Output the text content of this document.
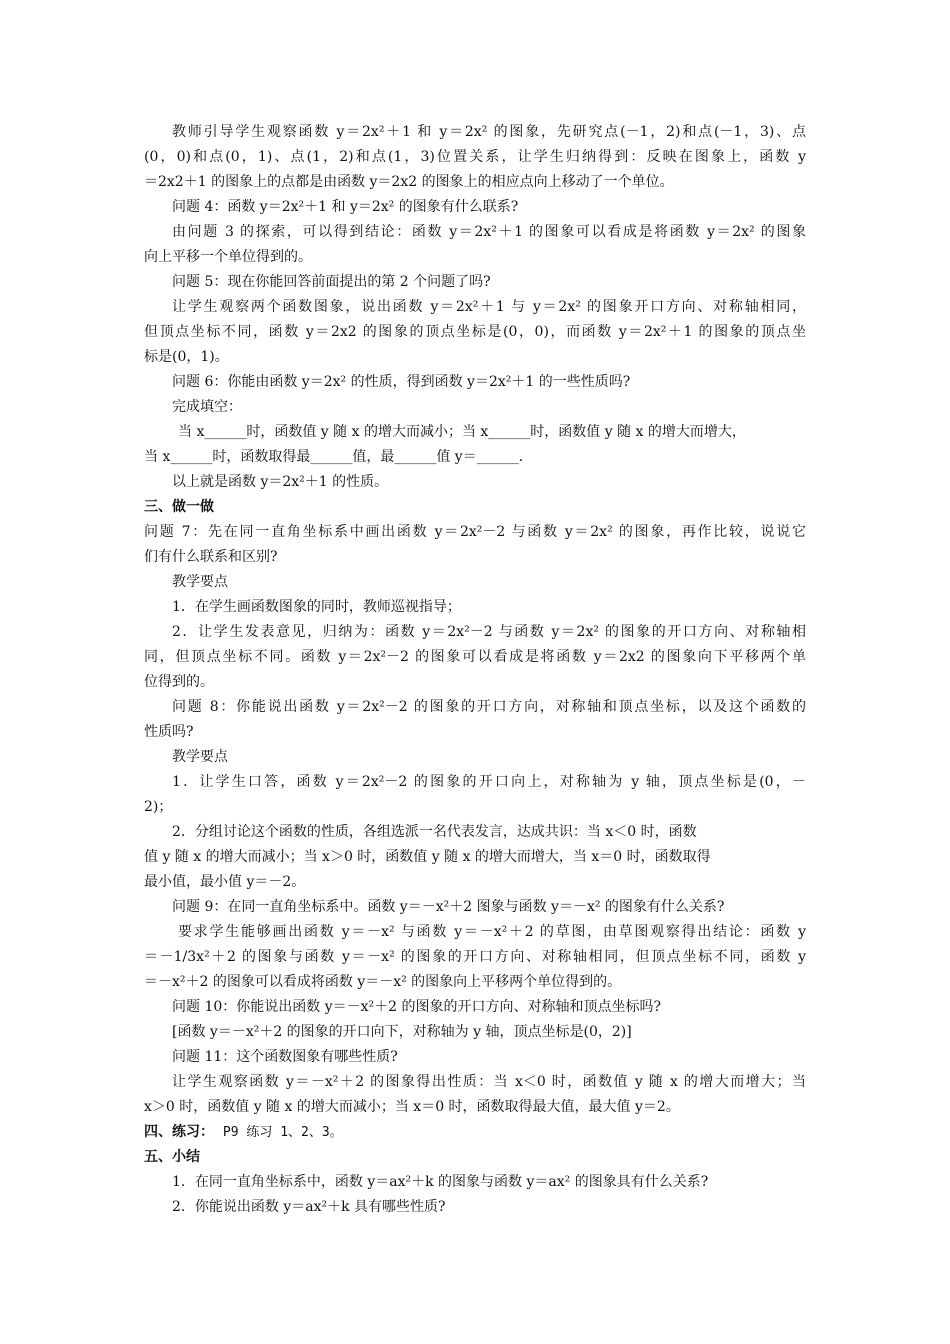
教师引导学生观察函数 y＝2x²＋1 和 y＝2x² 的图象，先研究点(－1，2)和点(－1，3)、点
(0，0)和点(0，1)、点(1，2)和点(1，3)位置关系，让学生归纳得到：反映在图象上，函数 y
＝2x2＋1 的图象上的点都是由函数 y＝2x2 的图象上的相应点向上移动了一个单位。
问题 4：函数 y＝2x²＋1 和 y＝2x² 的图象有什么联系?
由问题 3 的探索，可以得到结论：函数 y＝2x²＋1 的图象可以看成是将函数 y＝2x² 的图象
向上平移一个单位得到的。
问题 5：现在你能回答前面提出的第 2 个问题了吗?
让学生观察两个函数图象，说出函数 y＝2x²＋1 与 y＝2x² 的图象开口方向、对称轴相同，
但顶点坐标不同，函数 y＝2x2 的图象的顶点坐标是(0，0)，而函数 y＝2x²＋1 的图象的顶点坐
标是(0，1)。
问题 6：你能由函数 y＝2x² 的性质，得到函数 y＝2x²＋1 的一些性质吗?
完成填空：
当 x______时，函数值 y 随 x 的增大而减小；当 x______时，函数值 y 随 x 的增大而增大，
当 x______时，函数取得最______值，最______值 y＝______.
以上就是函数 y＝2x²＋1 的性质。
三、做一做
问题 7：先在同一直角坐标系中画出函数 y＝2x²－2 与函数 y＝2x² 的图象，再作比较，说说它
们有什么联系和区别?
教学要点
1．在学生画函数图象的同时，教师巡视指导；
2．让学生发表意见，归纳为：函数 y＝2x²－2 与函数 y＝2x² 的图象的开口方向、对称轴相
同，但顶点坐标不同。函数 y＝2x²－2 的图象可以看成是将函数 y＝2x2 的图象向下平移两个单
位得到的。
问题 8：你能说出函数 y＝2x²－2 的图象的开口方向，对称轴和顶点坐标，以及这个函数的
性质吗?
教学要点
1．让学生口答，函数 y＝2x²－2 的图象的开口向上，对称轴为 y 轴，顶点坐标是(0，－
2)；
2．分组讨论这个函数的性质，各组选派一名代表发言，达成共识：当 x＜0 时，函数
值 y 随 x 的增大而减小；当 x＞0 时，函数值 y 随 x 的增大而增大，当 x＝0 时，函数取得
最小值，最小值 y＝－2。
问题 9：在同一直角坐标系中。函数 y＝－x²＋2 图象与函数 y＝－x² 的图象有什么关系?
要求学生能够画出函数 y＝－x² 与函数 y＝－x²＋2 的草图，由草图观察得出结论：函数 y
＝－1/3x²＋2 的图象与函数 y＝－x² 的图象的开口方向、对称轴相同，但顶点坐标不同，函数 y
＝－x²＋2 的图象可以看成将函数 y＝－x² 的图象向上平移两个单位得到的。
问题 10：你能说出函数 y＝－x²＋2 的图象的开口方向、对称轴和顶点坐标吗?
[函数 y＝－x²＋2 的图象的开口向下，对称轴为 y 轴，顶点坐标是(0，2)]
问题 11：这个函数图象有哪些性质?
让学生观察函数 y＝－x²＋2 的图象得出性质：当 x＜0 时，函数值 y 随 x 的增大而增大；当
x＞0 时，函数值 y 随 x 的增大而减小；当 x＝0 时，函数取得最大值，最大值 y＝2。
四、练习： P9 练习 1、2、3。
五、小结
1．在同一直角坐标系中，函数 y＝ax²＋k 的图象与函数 y＝ax² 的图象具有什么关系?
2．你能说出函数 y＝ax²＋k 具有哪些性质?
